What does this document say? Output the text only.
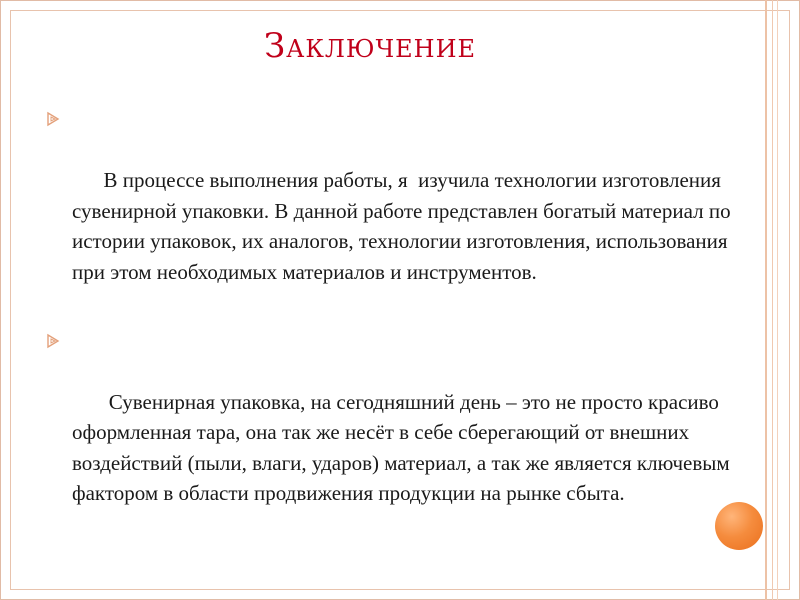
Заключение

В процессе выполнения работы, я  изучила технологии изготовления сувенирной упаковки. В данной работе представлен богатый материал по истории упаковок, их аналогов, технологии изготовления, использования при этом необходимых материалов и инструментов.

Сувенирная упаковка, на сегодняшний день – это не просто красиво оформленная тара, она так же несёт в себе сберегающий от внешних воздействий (пыли, влаги, ударов) материал, а так же является ключевым фактором в области продвижения продукции на рынке сбыта.
